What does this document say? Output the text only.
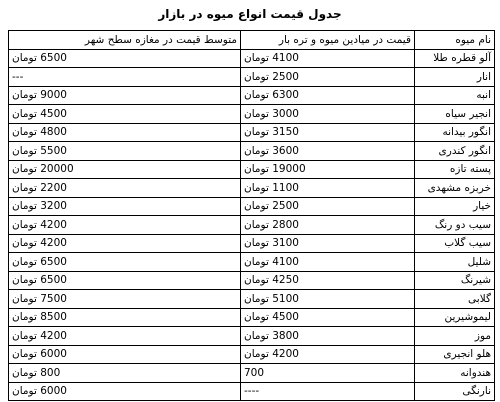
جدول قیمت انواع میوه در بازار
نام میوه	قیمت در میادین میوه و تره بار	متوسط قیمت در مغازه سطح شهر
آلو قطره طلا	4100 تومان	6500 تومان
انار	2500 تومان	---
انبه	6300 تومان	9000 تومان
انجیر سیاه	3000 تومان	4500 تومان
انگور بیدانه	3150 تومان	4800 تومان
انگور کندری	3600 تومان	5500 تومان
پسته تازه	19000 تومان	20000 تومان
خربزه مشهدی	1100 تومان	2200 تومان
خیار	2500 تومان	3200 تومان
سیب دو رنگ	2800 تومان	4200 تومان
سیب گلاب	3100 تومان	4200 تومان
شلیل	4100 تومان	6500 تومان
شیرنگ	4250 تومان	6500 تومان
گلابی	5100 تومان	7500 تومان
لیموشیرین	4500 تومان	8500 تومان
موز	3800 تومان	4200 تومان
هلو انجیری	4200 تومان	6000 تومان
هندوانه	700	800 تومان
نارنگی	----	6000 تومان
